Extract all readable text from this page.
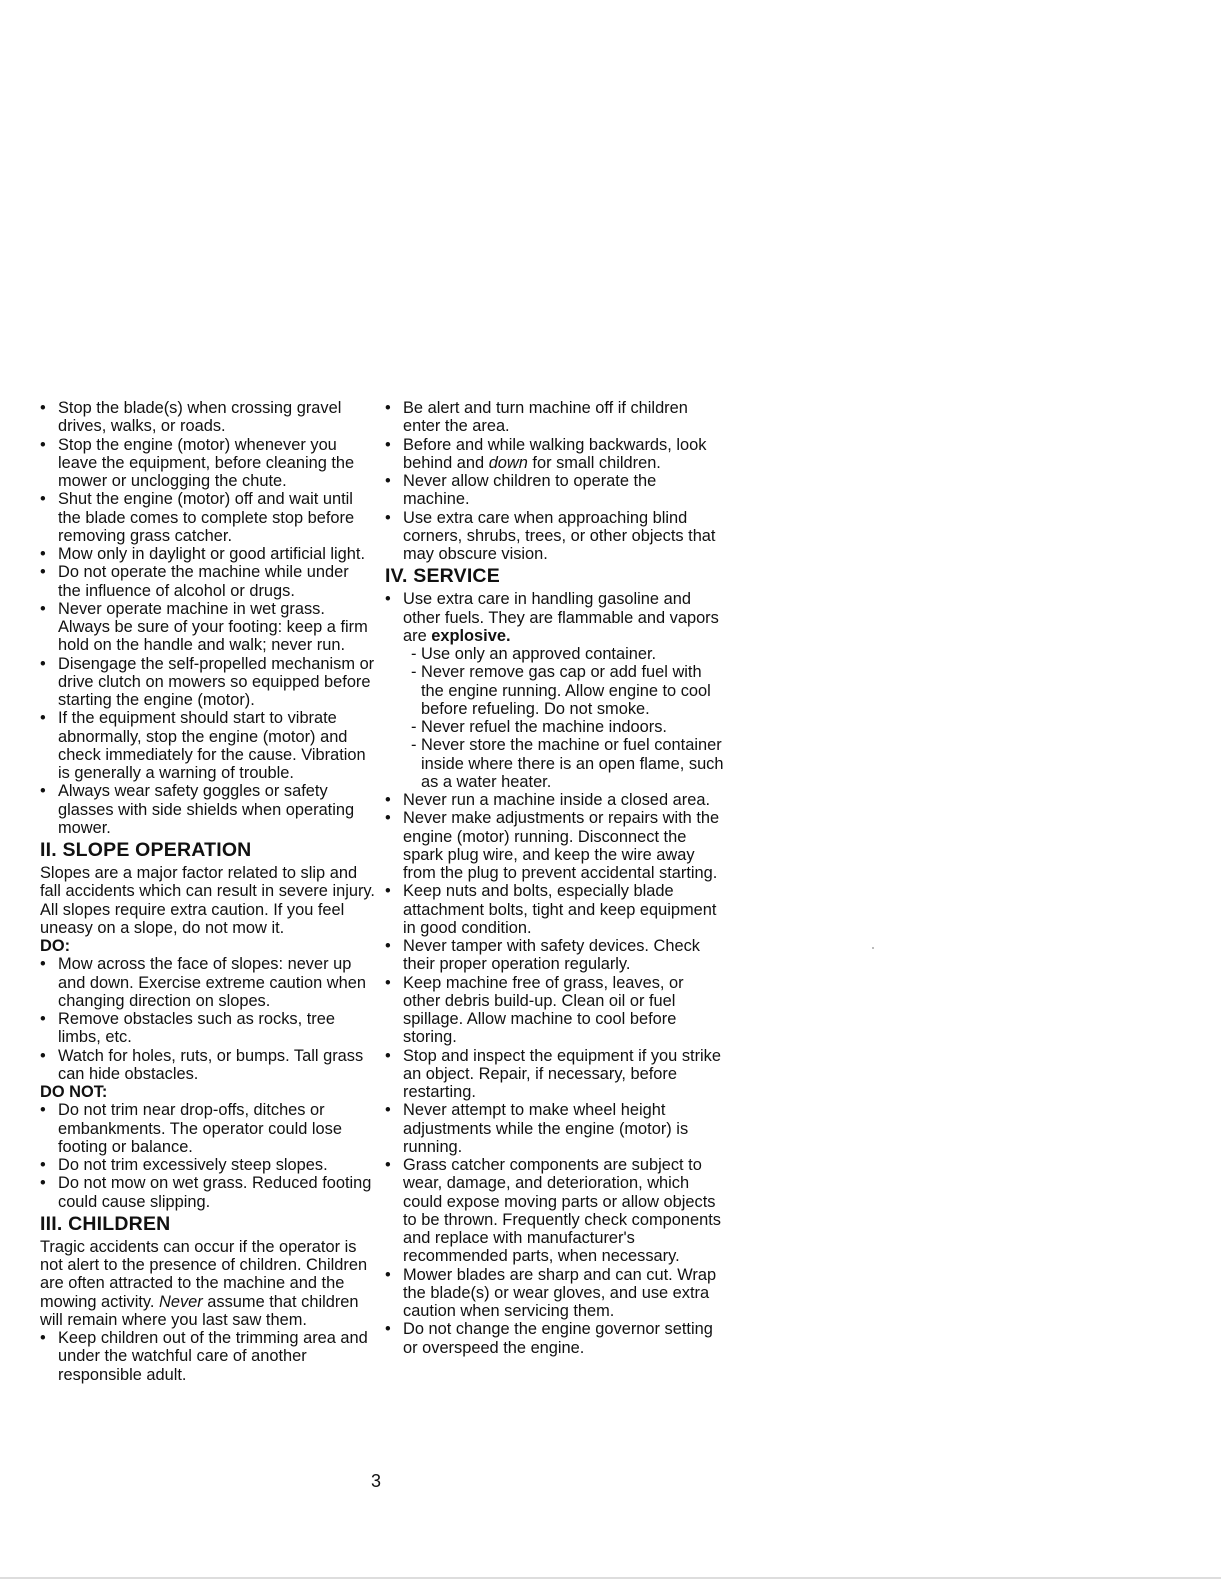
• Stop the blade(s) when crossing gravel drives, walks, or roads.

• Stop the engine (motor) whenever you leave the equipment, before cleaning the mower or unclogging the chute.

• Shut the engine (motor) off and wait until the blade comes to complete stop before removing grass catcher.

• Mow only in daylight or good artificial light.

• Do not operate the machine while under the influence of alcohol or drugs.

• Never operate machine in wet grass. Always be sure of your footing: keep a firm hold on the handle and walk; never run.

• Disengage the self-propelled mechanism or drive clutch on mowers so equipped before starting the engine (motor).

• If the equipment should start to vibrate abnormally, stop the engine (motor) and check immediately for the cause. Vibration is generally a warning of trouble.

• Always wear safety goggles or safety glasses with side shields when operating mower.

II. SLOPE OPERATION

Slopes are a major factor related to slip and fall accidents which can result in severe injury. All slopes require extra caution. If you feel uneasy on a slope, do not mow it.

DO:

• Mow across the face of slopes: never up and down. Exercise extreme caution when changing direction on slopes.

• Remove obstacles such as rocks, tree limbs, etc.

• Watch for holes, ruts, or bumps. Tall grass can hide obstacles.

DO NOT:

• Do not trim near drop-offs, ditches or embankments. The operator could lose footing or balance.

• Do not trim excessively steep slopes.

• Do not mow on wet grass. Reduced footing could cause slipping.

III. CHILDREN

Tragic accidents can occur if the operator is not alert to the presence of children. Children are often attracted to the machine and the mowing activity. Never assume that children will remain where you last saw them.

• Keep children out of the trimming area and under the watchful care of another responsible adult.

• Be alert and turn machine off if children enter the area.

• Before and while walking backwards, look behind and down for small children.

• Never allow children to operate the machine.

• Use extra care when approaching blind corners, shrubs, trees, or other objects that may obscure vision.

IV. SERVICE

• Use extra care in handling gasoline and other fuels. They are flammable and vapors are explosive.

- Use only an approved container.

- Never remove gas cap or add fuel with the engine running. Allow engine to cool before refueling. Do not smoke.

- Never refuel the machine indoors.

- Never store the machine or fuel container inside where there is an open flame, such as a water heater.

• Never run a machine inside a closed area.

• Never make adjustments or repairs with the engine (motor) running. Disconnect the spark plug wire, and keep the wire away from the plug to prevent accidental starting.

• Keep nuts and bolts, especially blade attachment bolts, tight and keep equipment in good condition.

• Never tamper with safety devices. Check their proper operation regularly.

• Keep machine free of grass, leaves, or other debris build-up. Clean oil or fuel spillage. Allow machine to cool before storing.

• Stop and inspect the equipment if you strike an object. Repair, if necessary, before restarting.

• Never attempt to make wheel height adjustments while the engine (motor) is running.

• Grass catcher components are subject to wear, damage, and deterioration, which could expose moving parts or allow objects to be thrown. Frequently check components and replace with manufacturer's recommended parts, when necessary.

• Mower blades are sharp and can cut. Wrap the blade(s) or wear gloves, and use extra caution when servicing them.

• Do not change the engine governor setting or overspeed the engine.

3
